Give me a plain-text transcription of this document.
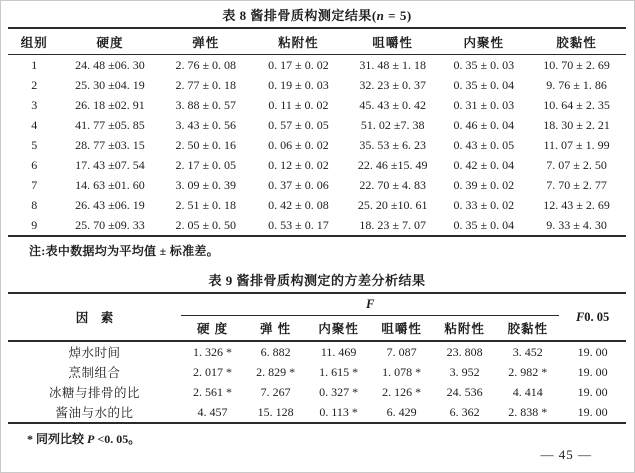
表 8 酱排骨质构测定结果(n = 5)
组别	硬度	弹性	粘附性	咀嚼性	内聚性	胶黏性
1	24. 48 ±06. 30	2. 76 ± 0. 08	0. 17 ± 0. 02	31. 48 ± 1. 18	0. 35 ± 0. 03	10. 70 ± 2. 69
2	25. 30 ±04. 19	2. 77 ± 0. 18	0. 19 ± 0. 03	32. 23 ± 0. 37	0. 35 ± 0. 04	9. 76 ± 1. 86
3	26. 18 ±02. 91	3. 88 ± 0. 57	0. 11 ± 0. 02	45. 43 ± 0. 42	0. 31 ± 0. 03	10. 64 ± 2. 35
4	41. 77 ±05. 85	3. 43 ± 0. 56	0. 57 ± 0. 05	51. 02 ±7. 38	0. 46 ± 0. 04	18. 30 ± 2. 21
5	28. 77 ±03. 15	2. 50 ± 0. 16	0. 06 ± 0. 02	35. 53 ± 6. 23	0. 43 ± 0. 05	11. 07 ± 1. 99
6	17. 43 ±07. 54	2. 17 ± 0. 05	0. 12 ± 0. 02	22. 46 ±15. 49	0. 42 ± 0. 04	7. 07 ± 2. 50
7	14. 63 ±01. 60	3. 09 ± 0. 39	0. 37 ± 0. 06	22. 70 ± 4. 83	0. 39 ± 0. 02	7. 70 ± 2. 77
8	26. 43 ±06. 19	2. 51 ± 0. 18	0. 42 ± 0. 08	25. 20 ±10. 61	0. 33 ± 0. 02	12. 43 ± 2. 69
9	25. 70 ±09. 33	2. 05 ± 0. 50	0. 53 ± 0. 17	18. 23 ± 7. 07	0. 35 ± 0. 04	9. 33 ± 4. 30
注:表中数据均为平均值 ± 标准差。
表 9 酱排骨质构测定的方差分析结果
因　素	F						F0. 05
	硬 度	弹 性	内聚性	咀嚼性	粘附性	胶黏性	
焯水时间	1. 326 *	6. 882	11. 469	7. 087	23. 808	3. 452	19. 00
烹制组合	2. 017 *	2. 829 *	1. 615 *	1. 078 *	3. 952	2. 982 *	19. 00
冰糖与排骨的比	2. 561 *	7. 267	0. 327 *	2. 126 *	24. 536	4. 414	19. 00
酱油与水的比	4. 457	15. 128	0. 113 *	6. 429	6. 362	2. 838 *	19. 00
* 同列比较 P <0. 05。
— 45 —
